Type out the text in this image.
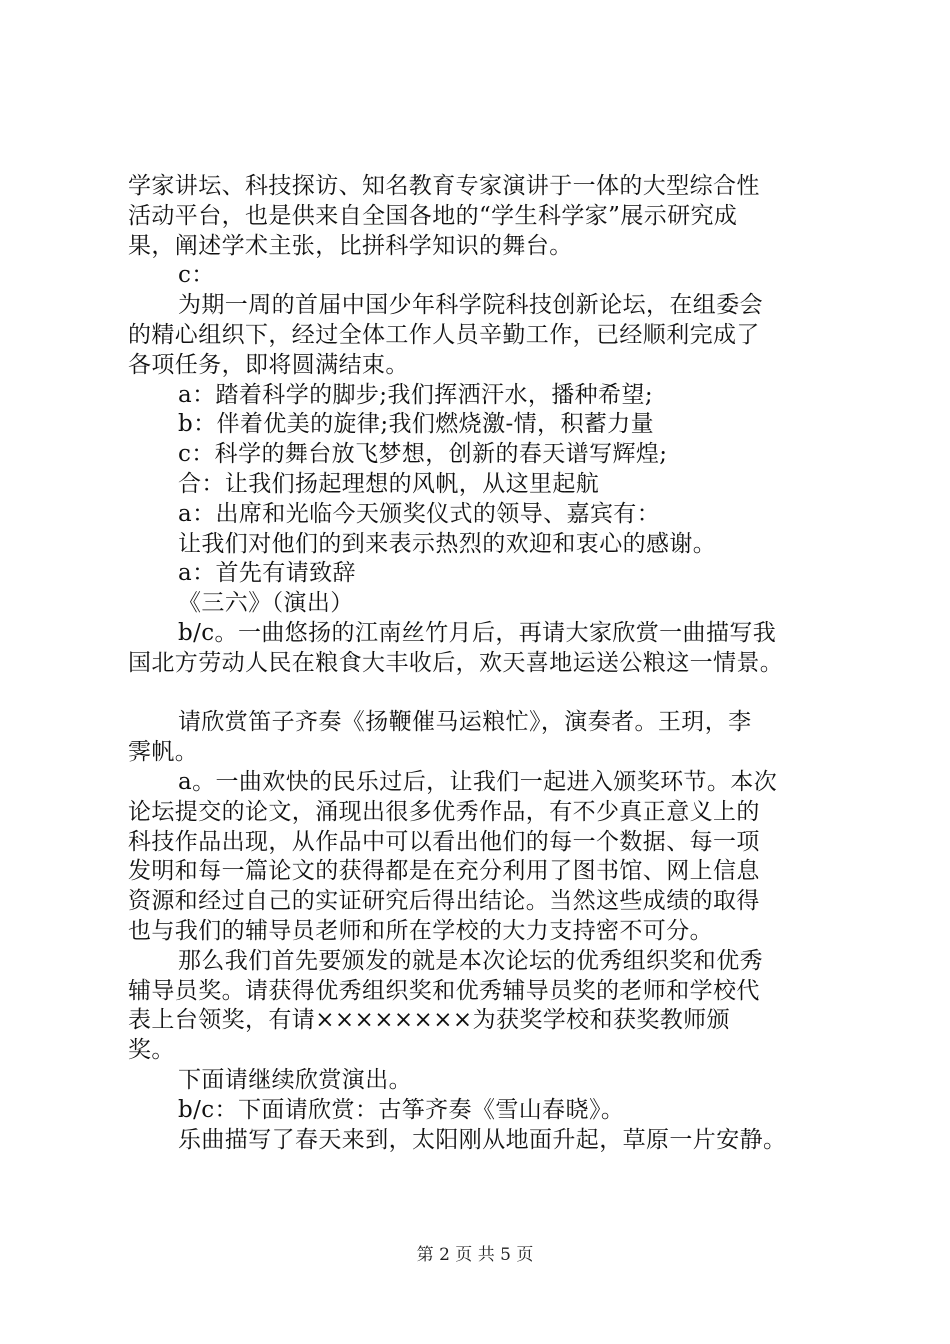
学家讲坛、科技探访、知名教育专家演讲于一体的大型综合性
活动平台，也是供来自全国各地的“学生科学家”展示研究成
果，阐述学术主张，比拼科学知识的舞台。
c：
为期一周的首届中国少年科学院科技创新论坛，在组委会
的精心组织下，经过全体工作人员辛勤工作，已经顺利完成了
各项任务，即将圆满结束。
a：踏着科学的脚步;我们挥洒汗水，播种希望;
b：伴着优美的旋律;我们燃烧激-情，积蓄力量
c：科学的舞台放飞梦想，创新的春天谱写辉煌;
合：让我们扬起理想的风帆，从这里起航
a：出席和光临今天颁奖仪式的领导、嘉宾有：
让我们对他们的到来表示热烈的欢迎和衷心的感谢。
a：首先有请致辞
《三六》（演出）
b/c。一曲悠扬的江南丝竹月后，再请大家欣赏一曲描写我
国北方劳动人民在粮食大丰收后，欢天喜地运送公粮这一情景。
请欣赏笛子齐奏《扬鞭催马运粮忙》，演奏者。王玥，李
霁帆。
a。一曲欢快的民乐过后，让我们一起进入颁奖环节。本次
论坛提交的论文，涌现出很多优秀作品，有不少真正意义上的
科技作品出现，从作品中可以看出他们的每一个数据、每一项
发明和每一篇论文的获得都是在充分利用了图书馆、网上信息
资源和经过自己的实证研究后得出结论。当然这些成绩的取得
也与我们的辅导员老师和所在学校的大力支持密不可分。
那么我们首先要颁发的就是本次论坛的优秀组织奖和优秀
辅导员奖。请获得优秀组织奖和优秀辅导员奖的老师和学校代
表上台领奖，有请××××××××为获奖学校和获奖教师颁
奖。
下面请继续欣赏演出。
b/c：下面请欣赏：古筝齐奏《雪山春晓》。
乐曲描写了春天来到，太阳刚从地面升起，草原一片安静。
第 2 页 共 5 页
